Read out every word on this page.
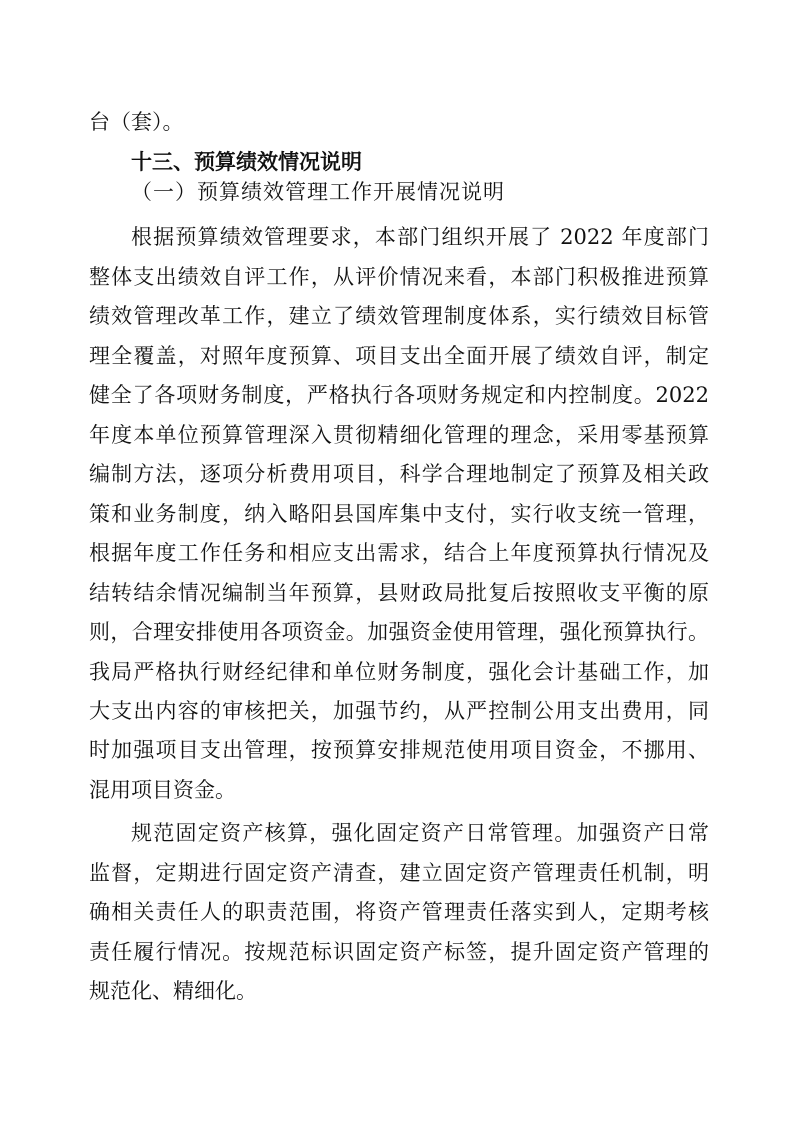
台（套）。
十三、预算绩效情况说明
（一）预算绩效管理工作开展情况说明
根据预算绩效管理要求，本部门组织开展了 2022 年度部门
整体支出绩效自评工作，从评价情况来看，本部门积极推进预算
绩效管理改革工作，建立了绩效管理制度体系，实行绩效目标管
理全覆盖，对照年度预算、项目支出全面开展了绩效自评，制定
健全了各项财务制度，严格执行各项财务规定和内控制度。2022
年度本单位预算管理深入贯彻精细化管理的理念，采用零基预算
编制方法，逐项分析费用项目，科学合理地制定了预算及相关政
策和业务制度，纳入略阳县国库集中支付，实行收支统一管理，
根据年度工作任务和相应支出需求，结合上年度预算执行情况及
结转结余情况编制当年预算，县财政局批复后按照收支平衡的原
则，合理安排使用各项资金。加强资金使用管理，强化预算执行。
我局严格执行财经纪律和单位财务制度，强化会计基础工作，加
大支出内容的审核把关，加强节约，从严控制公用支出费用，同
时加强项目支出管理，按预算安排规范使用项目资金，不挪用、
混用项目资金。
规范固定资产核算，强化固定资产日常管理。加强资产日常
监督，定期进行固定资产清查，建立固定资产管理责任机制，明
确相关责任人的职责范围，将资产管理责任落实到人，定期考核
责任履行情况。按规范标识固定资产标签，提升固定资产管理的
规范化、精细化。
